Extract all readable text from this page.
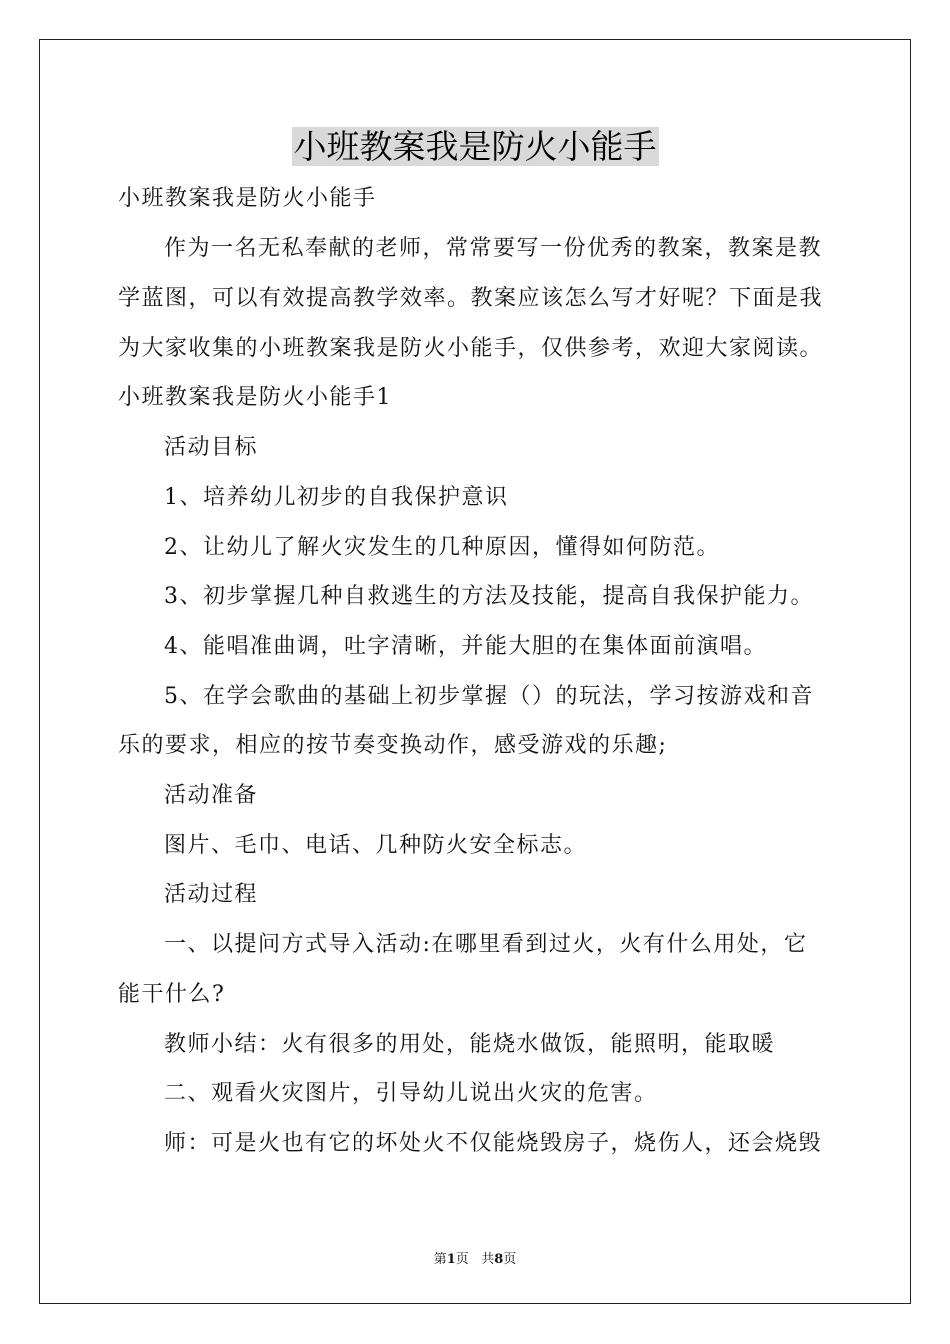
小班教案我是防火小能手
小班教案我是防火小能手
作为一名无私奉献的老师，常常要写一份优秀的教案，教案是教
学蓝图，可以有效提高教学效率。教案应该怎么写才好呢？下面是我
为大家收集的小班教案我是防火小能手，仅供参考，欢迎大家阅读。
小班教案我是防火小能手1
活动目标
1、培养幼儿初步的自我保护意识
2、让幼儿了解火灾发生的几种原因，懂得如何防范。
3、初步掌握几种自救逃生的方法及技能，提高自我保护能力。
4、能唱准曲调，吐字清晰，并能大胆的在集体面前演唱。
5、在学会歌曲的基础上初步掌握（）的玩法，学习按游戏和音
乐的要求，相应的按节奏变换动作，感受游戏的乐趣;
活动准备
图片、毛巾、电话、几种防火安全标志。
活动过程
一、以提问方式导入活动:在哪里看到过火，火有什么用处，它
能干什么?
教师小结：火有很多的用处，能烧水做饭，能照明，能取暖
二、观看火灾图片，引导幼儿说出火灾的危害。
师：可是火也有它的坏处火不仅能烧毁房子，烧伤人，还会烧毁
第1页 共8页
